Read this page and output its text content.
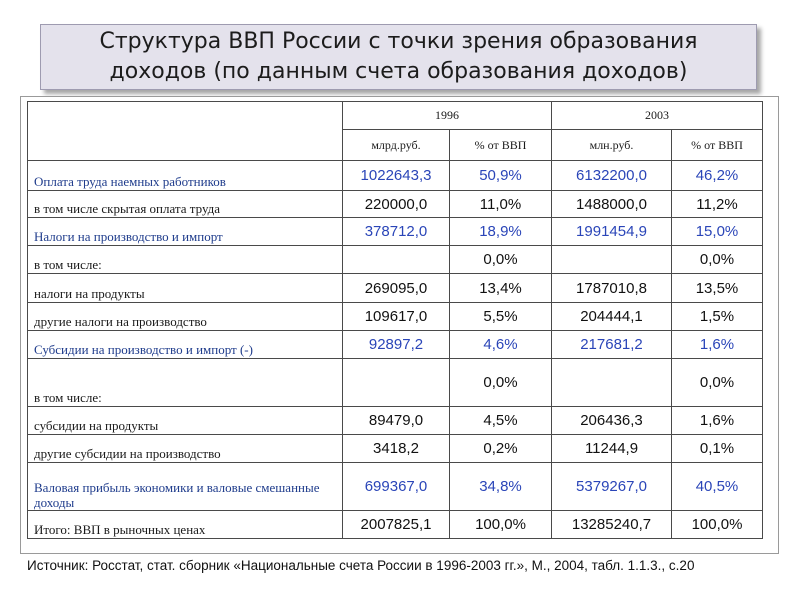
Структура ВВП России с точки зрения образования
доходов (по данным счета образования доходов)
	1996		2003	
	млрд.руб.	% от ВВП	млн.руб.	% от ВВП
Оплата труда наемных работников	1022643,3	50,9%	6132200,0	46,2%
в том числе скрытая оплата труда	220000,0	11,0%	1488000,0	11,2%
Налоги на производство и импорт	378712,0	18,9%	1991454,9	15,0%
в том числе:		0,0%		0,0%
налоги на продукты	269095,0	13,4%	1787010,8	13,5%
другие налоги на производство	109617,0	5,5%	204444,1	1,5%
Субсидии на производство и импорт (-)	92897,2	4,6%	217681,2	1,6%
в том числе:		0,0%		0,0%
субсидии на продукты	89479,0	4,5%	206436,3	1,6%
другие субсидии на производство	3418,2	0,2%	11244,9	0,1%
Валовая прибыль экономики и валовые смешанные доходы	699367,0	34,8%	5379267,0	40,5%
Итого: ВВП в рыночных ценах	2007825,1	100,0%	13285240,7	100,0%
Источник: Росстат, стат. сборник «Национальные счета России в 1996-2003 гг.», М., 2004, табл. 1.1.3., с.20
